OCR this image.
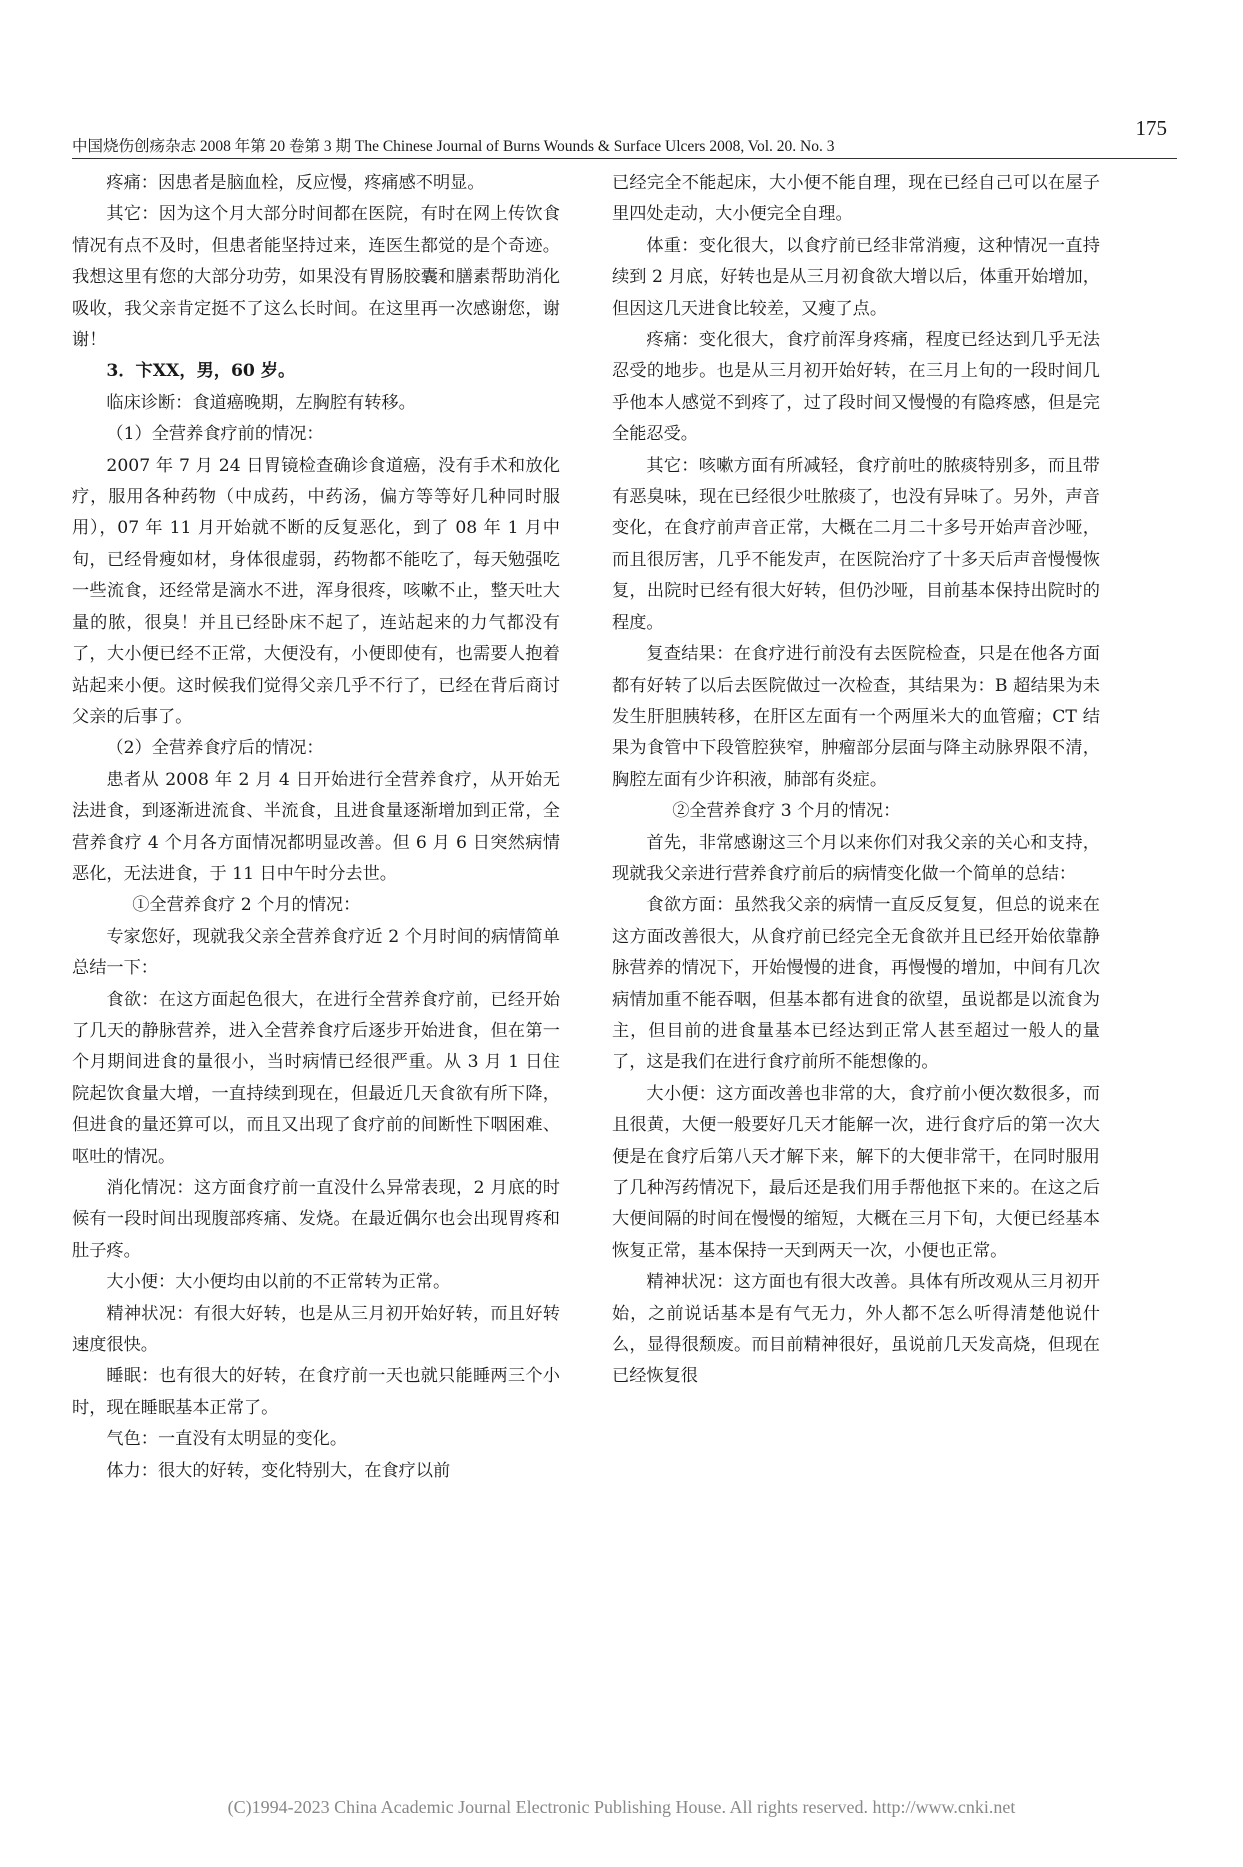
中国烧伤创疡杂志 2008 年第 20 卷第 3 期 The Chinese Journal of Burns Wounds & Surface Ulcers 2008, Vol. 20. No. 3
175

疼痛：因患者是脑血栓，反应慢，疼痛感不明显。

其它：因为这个月大部分时间都在医院，有时在网上传饮食情况有点不及时，但患者能坚持过来，连医生都觉的是个奇迹。我想这里有您的大部分功劳，如果没有胃肠胶囊和膳素帮助消化吸收，我父亲肯定挺不了这么长时间。在这里再一次感谢您，谢谢！

3．卞XX，男，60 岁。

临床诊断：食道癌晚期，左胸腔有转移。

（1）全营养食疗前的情况：

2007 年 7 月 24 日胃镜检查确诊食道癌，没有手术和放化疗，服用各种药物（中成药，中药汤，偏方等等好几种同时服用），07 年 11 月开始就不断的反复恶化，到了 08 年 1 月中旬，已经骨瘦如材，身体很虚弱，药物都不能吃了，每天勉强吃一些流食，还经常是滴水不进，浑身很疼，咳嗽不止，整天吐大量的脓，很臭！并且已经卧床不起了，连站起来的力气都没有了，大小便已经不正常，大便没有，小便即使有，也需要人抱着站起来小便。这时候我们觉得父亲几乎不行了，已经在背后商讨父亲的后事了。

（2）全营养食疗后的情况：

患者从 2008 年 2 月 4 日开始进行全营养食疗，从开始无法进食，到逐渐进流食、半流食，且进食量逐渐增加到正常，全营养食疗 4 个月各方面情况都明显改善。但 6 月 6 日突然病情恶化，无法进食，于 11 日中午时分去世。

①全营养食疗 2 个月的情况：

专家您好，现就我父亲全营养食疗近 2 个月时间的病情简单总结一下：

食欲：在这方面起色很大，在进行全营养食疗前，已经开始了几天的静脉营养，进入全营养食疗后逐步开始进食，但在第一个月期间进食的量很小，当时病情已经很严重。从 3 月 1 日住院起饮食量大增，一直持续到现在，但最近几天食欲有所下降，但进食的量还算可以，而且又出现了食疗前的间断性下咽困难、呕吐的情况。

消化情况：这方面食疗前一直没什么异常表现，2 月底的时候有一段时间出现腹部疼痛、发烧。在最近偶尔也会出现胃疼和肚子疼。

大小便：大小便均由以前的不正常转为正常。

精神状况：有很大好转，也是从三月初开始好转，而且好转速度很快。

睡眠：也有很大的好转，在食疗前一天也就只能睡两三个小时，现在睡眠基本正常了。

气色：一直没有太明显的变化。

体力：很大的好转，变化特别大，在食疗以前

已经完全不能起床，大小便不能自理，现在已经自己可以在屋子里四处走动，大小便完全自理。

体重：变化很大，以食疗前已经非常消瘦，这种情况一直持续到 2 月底，好转也是从三月初食欲大增以后，体重开始增加，但因这几天进食比较差，又瘦了点。

疼痛：变化很大，食疗前浑身疼痛，程度已经达到几乎无法忍受的地步。也是从三月初开始好转，在三月上旬的一段时间几乎他本人感觉不到疼了，过了段时间又慢慢的有隐疼感，但是完全能忍受。

其它：咳嗽方面有所减轻，食疗前吐的脓痰特别多，而且带有恶臭味，现在已经很少吐脓痰了，也没有异味了。另外，声音变化，在食疗前声音正常，大概在二月二十多号开始声音沙哑，而且很厉害，几乎不能发声，在医院治疗了十多天后声音慢慢恢复，出院时已经有很大好转，但仍沙哑，目前基本保持出院时的程度。

复查结果：在食疗进行前没有去医院检查，只是在他各方面都有好转了以后去医院做过一次检查，其结果为：B 超结果为未发生肝胆胰转移，在肝区左面有一个两厘米大的血管瘤；CT 结果为食管中下段管腔狭窄，肿瘤部分层面与降主动脉界限不清，胸腔左面有少许积液，肺部有炎症。

②全营养食疗 3 个月的情况：

首先，非常感谢这三个月以来你们对我父亲的关心和支持，现就我父亲进行营养食疗前后的病情变化做一个简单的总结：

食欲方面：虽然我父亲的病情一直反反复复，但总的说来在这方面改善很大，从食疗前已经完全无食欲并且已经开始依靠静脉营养的情况下，开始慢慢的进食，再慢慢的增加，中间有几次病情加重不能吞咽，但基本都有进食的欲望，虽说都是以流食为主，但目前的进食量基本已经达到正常人甚至超过一般人的量了，这是我们在进行食疗前所不能想像的。

大小便：这方面改善也非常的大，食疗前小便次数很多，而且很黄，大便一般要好几天才能解一次，进行食疗后的第一次大便是在食疗后第八天才解下来，解下的大便非常干，在同时服用了几种泻药情况下，最后还是我们用手帮他抠下来的。在这之后大便间隔的时间在慢慢的缩短，大概在三月下旬，大便已经基本恢复正常，基本保持一天到两天一次，小便也正常。

精神状况：这方面也有很大改善。具体有所改观从三月初开始，之前说话基本是有气无力，外人都不怎么听得清楚他说什么，显得很颓废。而目前精神很好，虽说前几天发高烧，但现在已经恢复很

(C)1994-2023 China Academic Journal Electronic Publishing House. All rights reserved. http://www.cnki.net
